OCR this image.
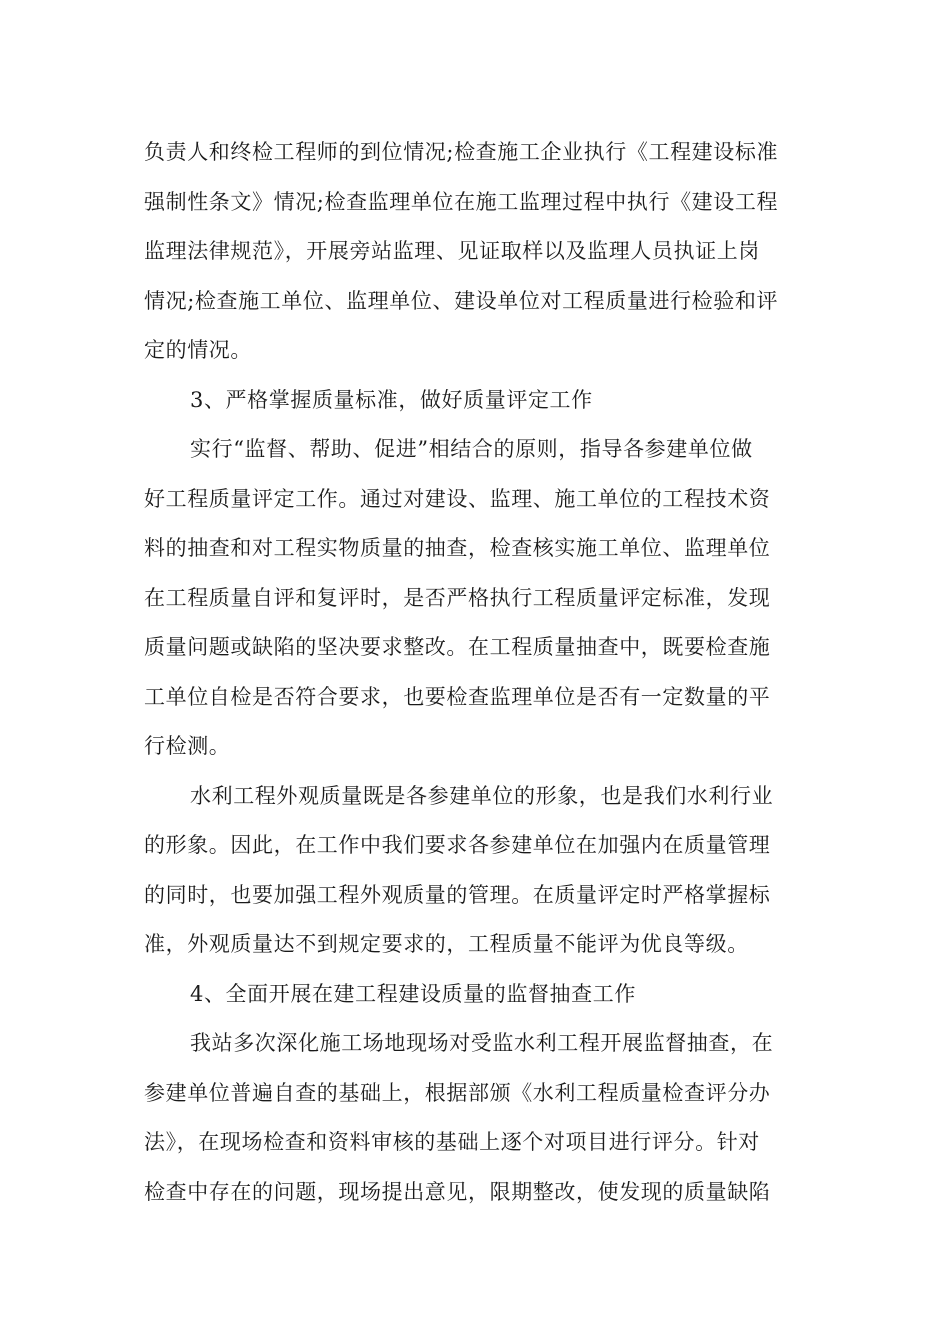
负责人和终检工程师的到位情况;检查施工企业执行《工程建设标准
强制性条文》情况;检查监理单位在施工监理过程中执行《建设工程
监理法律规范》，开展旁站监理、见证取样以及监理人员执证上岗
情况;检查施工单位、监理单位、建设单位对工程质量进行检验和评
定的情况。
3、严格掌握质量标准，做好质量评定工作
实行“监督、帮助、促进”相结合的原则，指导各参建单位做
好工程质量评定工作。通过对建设、监理、施工单位的工程技术资
料的抽查和对工程实物质量的抽查，检查核实施工单位、监理单位
在工程质量自评和复评时，是否严格执行工程质量评定标准，发现
质量问题或缺陷的坚决要求整改。在工程质量抽查中，既要检查施
工单位自检是否符合要求，也要检查监理单位是否有一定数量的平
行检测。
水利工程外观质量既是各参建单位的形象，也是我们水利行业
的形象。因此，在工作中我们要求各参建单位在加强内在质量管理
的同时，也要加强工程外观质量的管理。在质量评定时严格掌握标
准，外观质量达不到规定要求的，工程质量不能评为优良等级。
4、全面开展在建工程建设质量的监督抽查工作
我站多次深化施工场地现场对受监水利工程开展监督抽查，在
参建单位普遍自查的基础上，根据部颁《水利工程质量检查评分办
法》，在现场检查和资料审核的基础上逐个对项目进行评分。针对
检查中存在的问题，现场提出意见，限期整改，使发现的质量缺陷
